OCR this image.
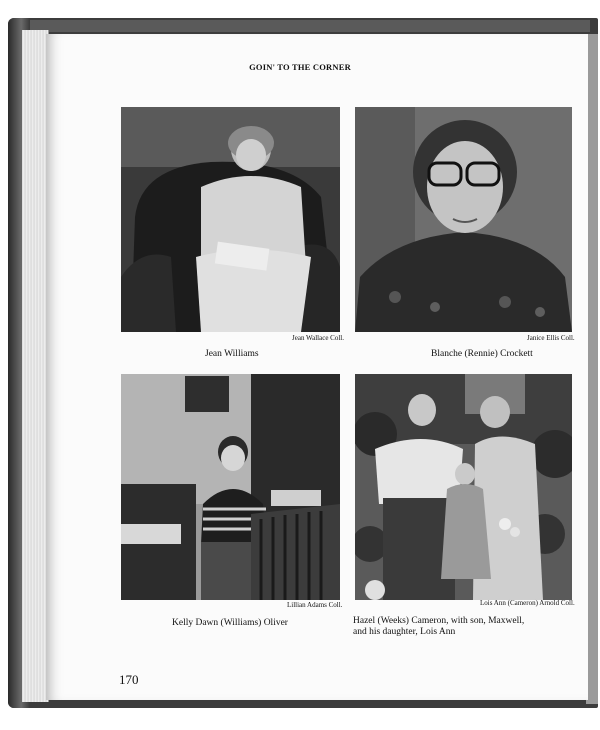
GOIN' TO THE CORNER
Jean Wallace Coll.
Jean Williams
Janice Ellis Coll.
Blanche (Rennie) Crockett
Lillian Adams Coll.
Kelly Dawn (Williams) Oliver
Lois Ann (Cameron) Arnold Coll.
Hazel (Weeks) Cameron, with son, Maxwell,
and his daughter, Lois Ann
170
